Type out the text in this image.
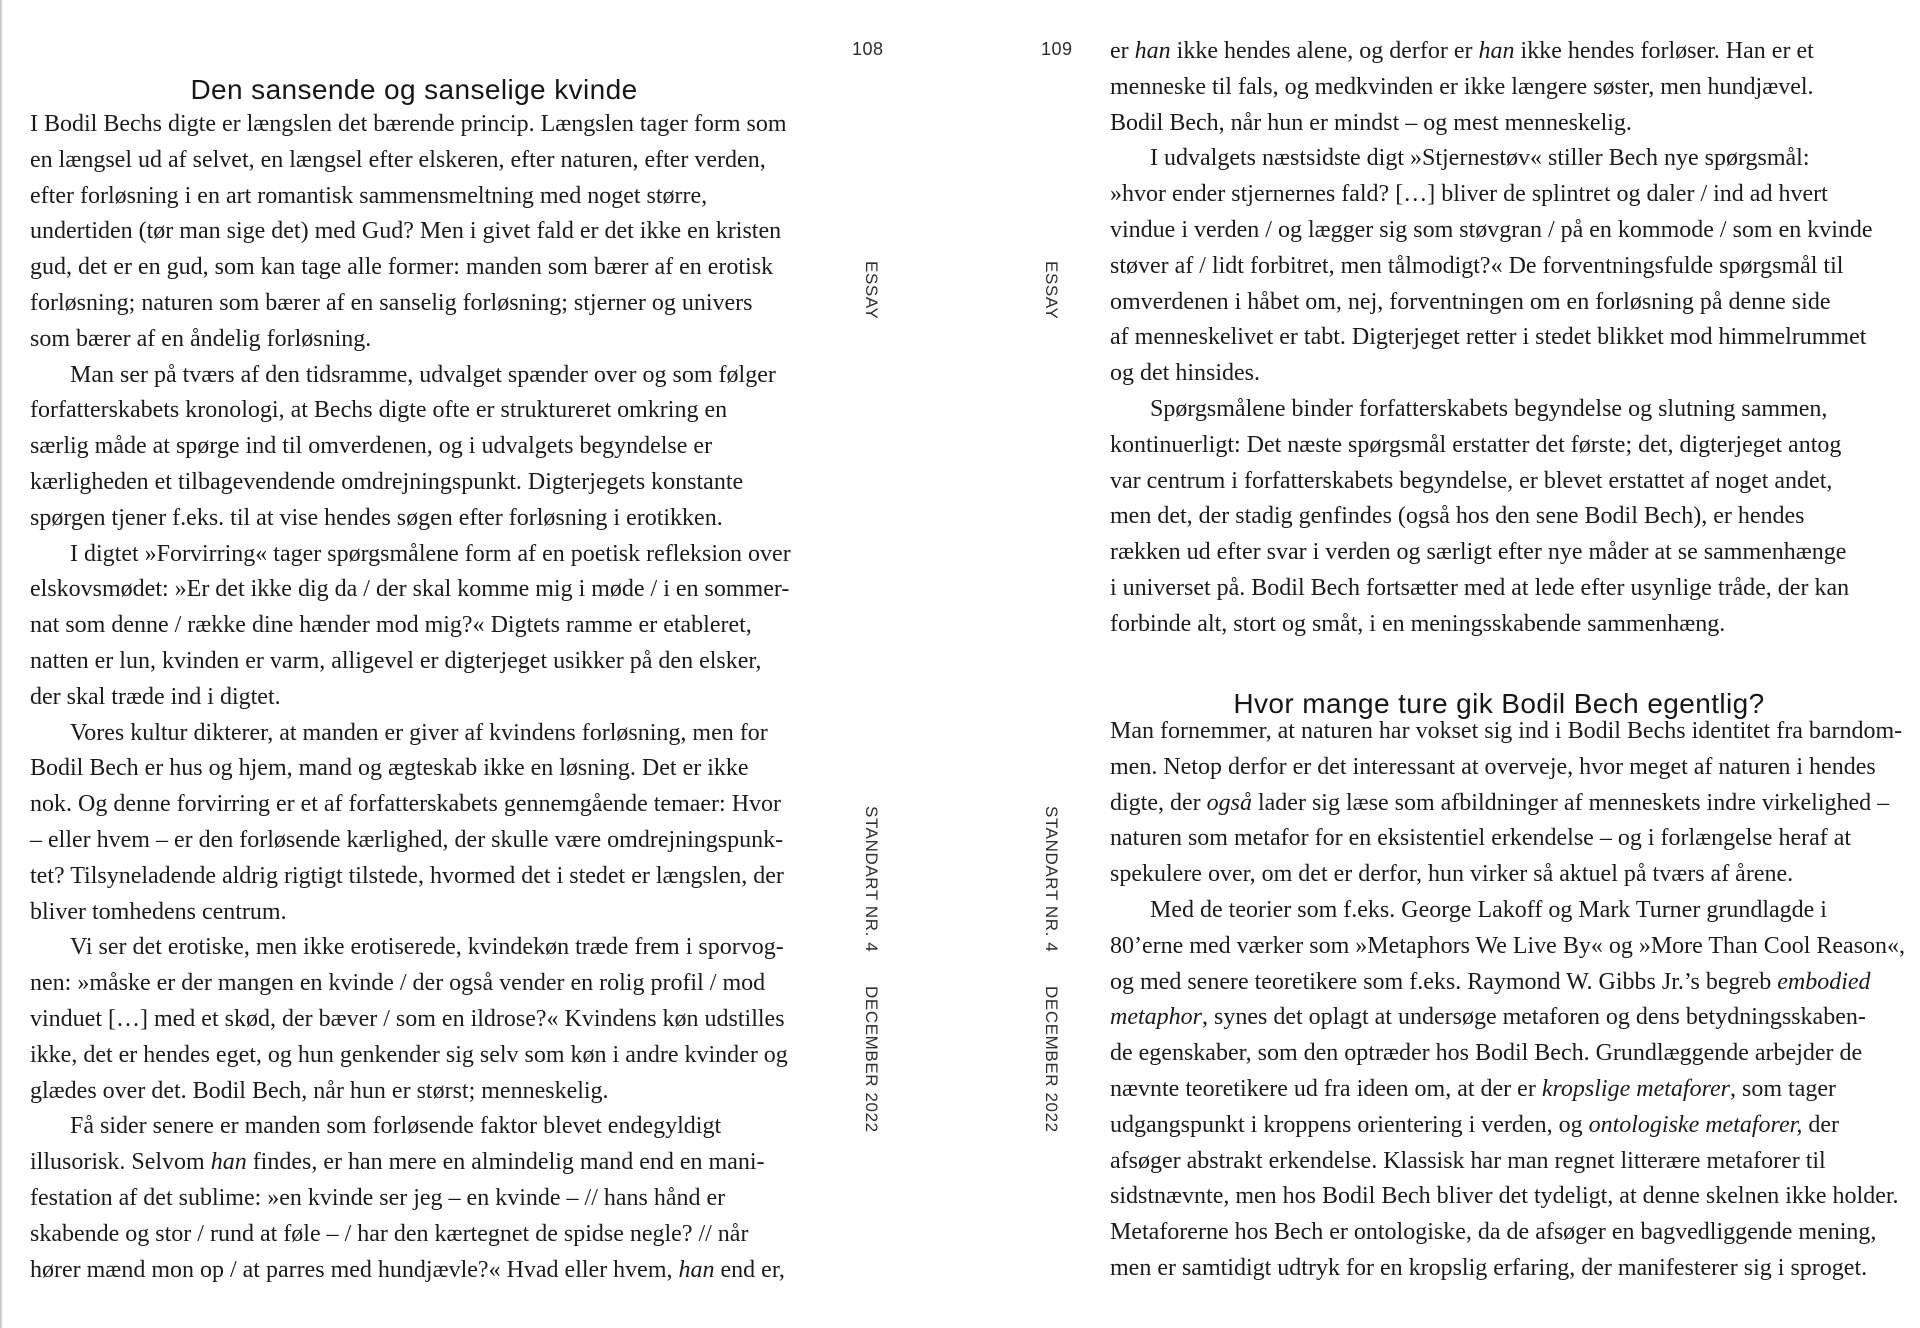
Den sansende og sanselige kvinde
I Bodil Bechs digte er længslen det bærende princip. Længslen tager form som
en længsel ud af selvet, en længsel efter elskeren, efter naturen, efter verden,
efter forløsning i en art romantisk sammensmeltning med noget større,
undertiden (tør man sige det) med Gud? Men i givet fald er det ikke en kristen
gud, det er en gud, som kan tage alle former: manden som bærer af en erotisk
forløsning; naturen som bærer af en sanselig forløsning; stjerner og univers
som bærer af en åndelig forløsning.
Man ser på tværs af den tidsramme, udvalget spænder over og som følger
forfatterskabets kronologi, at Bechs digte ofte er struktureret omkring en
særlig måde at spørge ind til omverdenen, og i udvalgets begyndelse er
kærligheden et tilbagevendende omdrejningspunkt. Digterjegets konstante
spørgen tjener f.eks. til at vise hendes søgen efter forløsning i erotikken.
I digtet »Forvirring« tager spørgsmålene form af en poetisk refleksion over
elskovsmødet: »Er det ikke dig da / der skal komme mig i møde / i en sommer-
nat som denne / række dine hænder mod mig?« Digtets ramme er etableret,
natten er lun, kvinden er varm, alligevel er digterjeget usikker på den elsker,
der skal træde ind i digtet.
Vores kultur dikterer, at manden er giver af kvindens forløsning, men for
Bodil Bech er hus og hjem, mand og ægteskab ikke en løsning. Det er ikke
nok. Og denne forvirring er et af forfatterskabets gennemgående temaer: Hvor
– eller hvem – er den forløsende kærlighed, der skulle være omdrejningspunk-
tet? Tilsyneladende aldrig rigtigt tilstede, hvormed det i stedet er længslen, der
bliver tomhedens centrum.
Vi ser det erotiske, men ikke erotiserede, kvindekøn træde frem i sporvog-
nen: »måske er der mangen en kvinde / der også vender en rolig profil / mod
vinduet […] med et skød, der bæver / som en ildrose?« Kvindens køn udstilles
ikke, det er hendes eget, og hun genkender sig selv som køn i andre kvinder og
glædes over det. Bodil Bech, når hun er størst; menneskelig.
Få sider senere er manden som forløsende faktor blevet endegyldigt
illusorisk. Selvom han findes, er han mere en almindelig mand end en mani-
festation af det sublime: »en kvinde ser jeg – en kvinde – // hans hånd er
skabende og stor / rund at føle – / har den kærtegnet de spidse negle? // når
hører mænd mon op / at parres med hundjævle?« Hvad eller hvem, han end er,
108
ESSAY
STANDART NR. 4
DECEMBER 2022
109
ESSAY
STANDART NR. 4
DECEMBER 2022
er han ikke hendes alene, og derfor er han ikke hendes forløser. Han er et
menneske til fals, og medkvinden er ikke længere søster, men hundjævel.
Bodil Bech, når hun er mindst – og mest menneskelig.
I udvalgets næstsidste digt »Stjernestøv« stiller Bech nye spørgsmål:
»hvor ender stjernernes fald? […] bliver de splintret og daler / ind ad hvert
vindue i verden / og lægger sig som støvgran / på en kommode / som en kvinde
støver af / lidt forbitret, men tålmodigt?« De forventningsfulde spørgsmål til
omverdenen i håbet om, nej, forventningen om en forløsning på denne side
af menneskelivet er tabt. Digterjeget retter i stedet blikket mod himmelrummet
og det hinsides.
Spørgsmålene binder forfatterskabets begyndelse og slutning sammen,
kontinuerligt: Det næste spørgsmål erstatter det første; det, digterjeget antog
var centrum i forfatterskabets begyndelse, er blevet erstattet af noget andet,
men det, der stadig genfindes (også hos den sene Bodil Bech), er hendes
rækken ud efter svar i verden og særligt efter nye måder at se sammenhænge
i universet på. Bodil Bech fortsætter med at lede efter usynlige tråde, der kan
forbinde alt, stort og småt, i en meningsskabende sammenhæng.
Hvor mange ture gik Bodil Bech egentlig?
Man fornemmer, at naturen har vokset sig ind i Bodil Bechs identitet fra barndom-
men. Netop derfor er det interessant at overveje, hvor meget af naturen i hendes
digte, der også lader sig læse som afbildninger af menneskets indre virkelighed –
naturen som metafor for en eksistentiel erkendelse – og i forlængelse heraf at
spekulere over, om det er derfor, hun virker så aktuel på tværs af årene.
Med de teorier som f.eks. George Lakoff og Mark Turner grundlagde i
80’erne med værker som »Metaphors We Live By« og »More Than Cool Reason«,
og med senere teoretikere som f.eks. Raymond W. Gibbs Jr.’s begreb embodied
metaphor, synes det oplagt at undersøge metaforen og dens betydningsskaben-
de egenskaber, som den optræder hos Bodil Bech. Grundlæggende arbejder de
nævnte teoretikere ud fra ideen om, at der er kropslige metaforer, som tager
udgangspunkt i kroppens orientering i verden, og ontologiske metaforer, der
afsøger abstrakt erkendelse. Klassisk har man regnet litterære metaforer til
sidstnævnte, men hos Bodil Bech bliver det tydeligt, at denne skelnen ikke holder.
Metaforerne hos Bech er ontologiske, da de afsøger en bagvedliggende mening,
men er samtidigt udtryk for en kropslig erfaring, der manifesterer sig i sproget.
